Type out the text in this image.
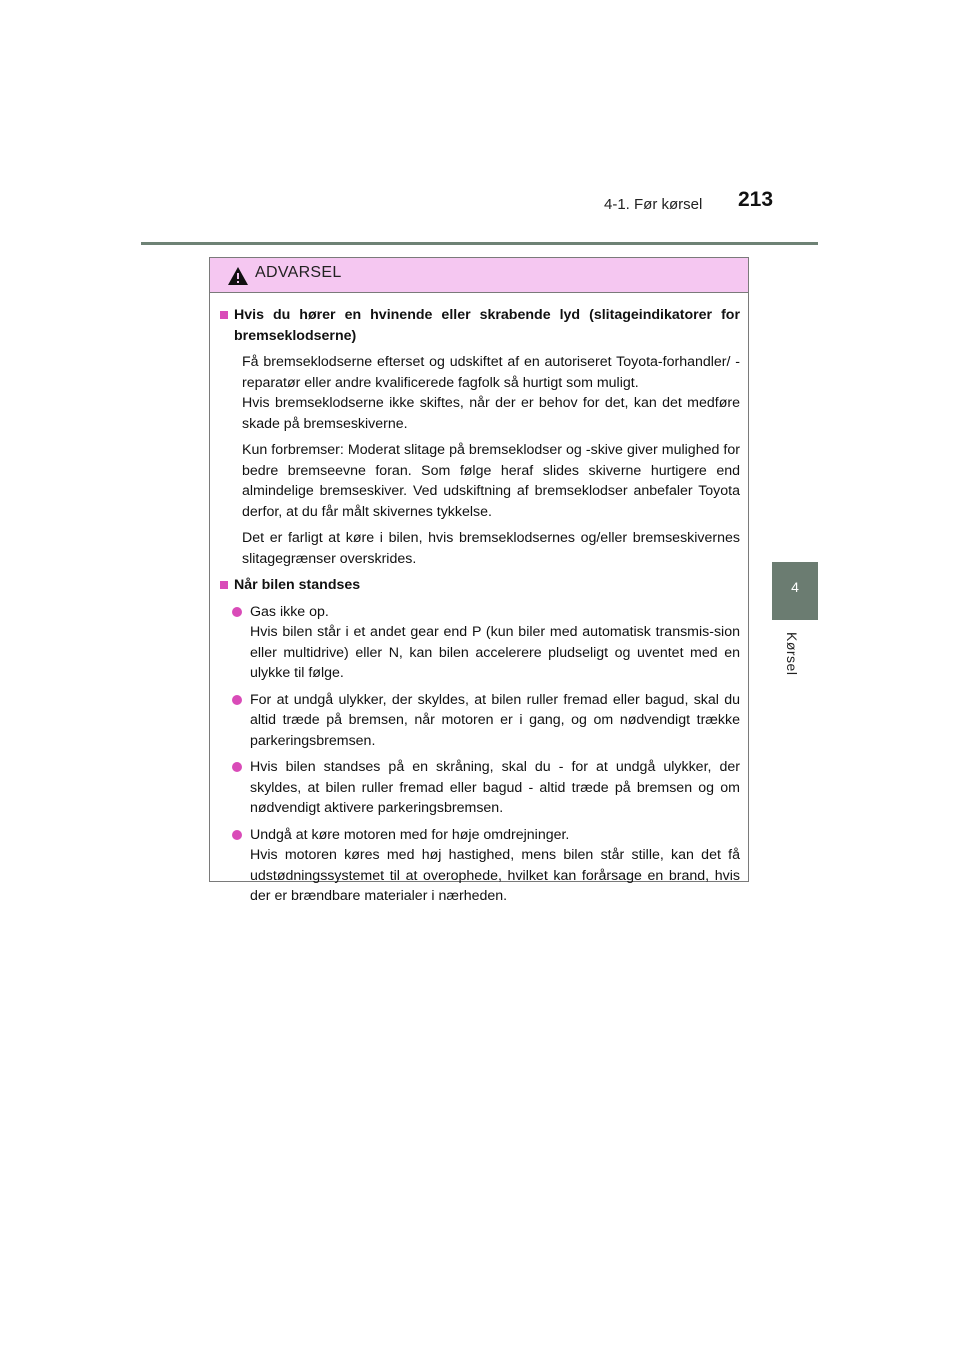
4-1. Før kørsel 213
4
Kørsel
ADVARSEL
Hvis du hører en hvinende eller skrabende lyd (slitageindikatorer for bremseklodserne)
Få bremseklodserne efterset og udskiftet af en autoriseret Toyota-forhandler/ -reparatør eller andre kvalificerede fagfolk så hurtigt som muligt.
Hvis bremseklodserne ikke skiftes, når der er behov for det, kan det medføre skade på bremseskiverne.
Kun forbremser: Moderat slitage på bremseklodser og -skive giver mulighed for bedre bremseevne foran. Som følge heraf slides skiverne hurtigere end almindelige bremseskiver. Ved udskiftning af bremseklodser anbefaler Toyota derfor, at du får målt skivernes tykkelse.
Det er farligt at køre i bilen, hvis bremseklodsernes og/eller bremseskivernes slitagegrænser overskrides.
Når bilen standses
Gas ikke op.
Hvis bilen står i et andet gear end P (kun biler med automatisk transmis-sion eller multidrive) eller N, kan bilen accelerere pludseligt og uventet med en ulykke til følge.
For at undgå ulykker, der skyldes, at bilen ruller fremad eller bagud, skal du altid træde på bremsen, når motoren er i gang, og om nødvendigt trække parkeringsbremsen.
Hvis bilen standses på en skråning, skal du - for at undgå ulykker, der skyldes, at bilen ruller fremad eller bagud - altid træde på bremsen og om nødvendigt aktivere parkeringsbremsen.
Undgå at køre motoren med for høje omdrejninger.
Hvis motoren køres med høj hastighed, mens bilen står stille, kan det få udstødningssystemet til at overophede, hvilket kan forårsage en brand, hvis der er brændbare materialer i nærheden.
